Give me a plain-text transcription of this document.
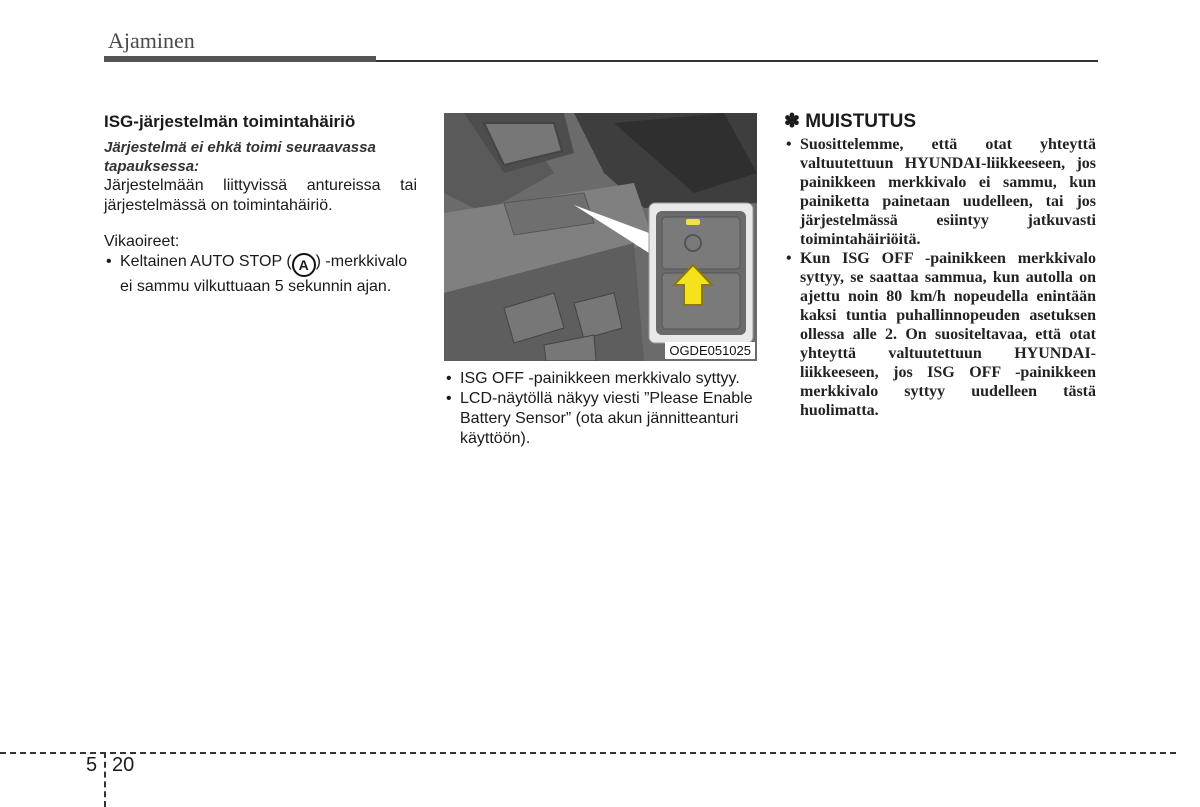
Ajaminen
ISG-järjestelmän toimintahäiriö
Järjestelmä ei ehkä toimi seuraavassa tapauksessa:
Järjestelmään liittyvissä antureissa tai järjestelmässä on toimintahäiriö.
Vikaoireet:
• Keltainen AUTO STOP ( A ) -merkkivalo ei sammu vilkuttuaan 5 sekunnin ajan.
OGDE051025
• ISG OFF -painikkeen merkkivalo syttyy.
• LCD-näytöllä näkyy viesti ”Please Enable Battery Sensor” (ota akun jännitteanturi käyttöön).
✽ MUISTUTUS
• Suosittelemme, että otat yhteyttä valtuutettuun HYUNDAI-liikkeeseen, jos painikkeen merkkivalo ei sammu, kun painiketta painetaan uudelleen, tai jos järjestelmässä esiintyy jatkuvasti toimintahäiriöitä.
• Kun ISG OFF -painikkeen merkkivalo syttyy, se saattaa sammua, kun autolla on ajettu noin 80 km/h nopeudella enintään kaksi tuntia puhallinnopeuden asetuksen ollessa alle 2. On suositeltavaa, että otat yhteyttä valtuutettuun HYUNDAI-liikkeeseen, jos ISG OFF -painikkeen merkkivalo syttyy uudelleen tästä huolimatta.
5 20
